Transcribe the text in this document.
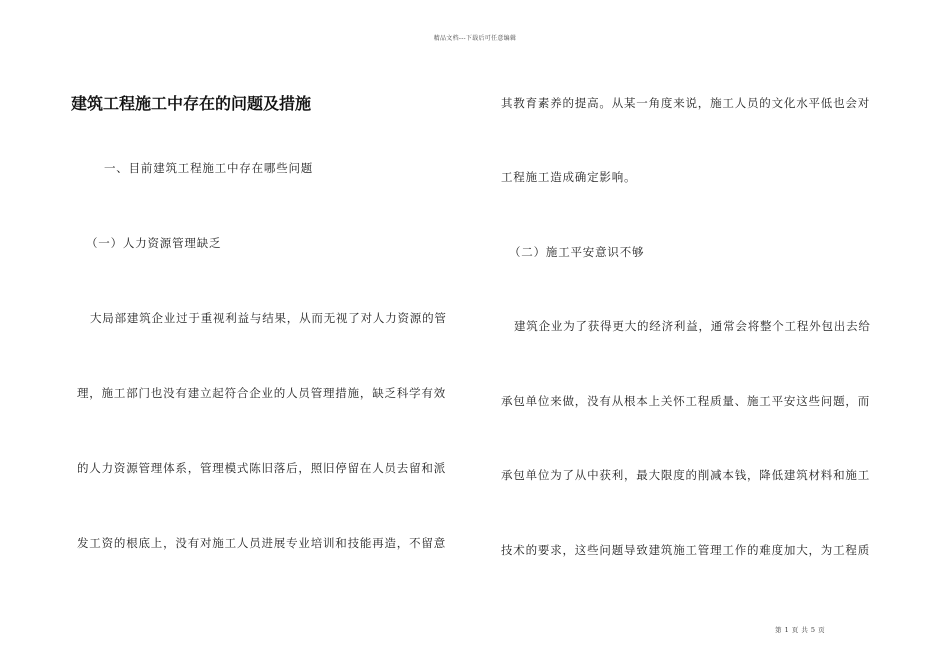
精品文档---下载后可任意编辑
建筑工程施工中存在的问题及措施
一、目前建筑工程施工中存在哪些问题
（一）人力资源管理缺乏
大局部建筑企业过于重视利益与结果，从而无视了对人力资源的管
理，施工部门也没有建立起符合企业的人员管理措施，缺乏科学有效
的人力资源管理体系，管理模式陈旧落后，照旧停留在人员去留和派
发工资的根底上，没有对施工人员进展专业培训和技能再造，不留意
其教育素养的提高。从某一角度来说，施工人员的文化水平低也会对
工程施工造成确定影响。
（二）施工平安意识不够
建筑企业为了获得更大的经济利益，通常会将整个工程外包出去给
承包单位来做，没有从根本上关怀工程质量、施工平安这些问题，而
承包单位为了从中获利，最大限度的削减本钱，降低建筑材料和施工
技术的要求，这些问题导致建筑施工管理工作的难度加大，为工程质
第 1 页 共 5 页
